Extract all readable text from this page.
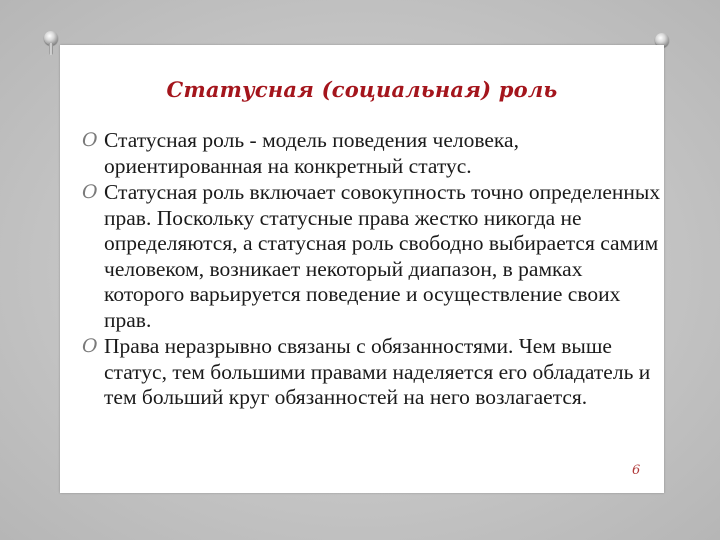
Статусная (социальная) роль
O Статусная роль - модель поведения человека, ориентированная на конкретный статус.
O Статусная роль включает совокупность точно определенных прав. Поскольку статусные права жестко никогда не определяются, а статусная роль свободно выбирается самим человеком, возникает некоторый диапазон, в рамках которого варьируется поведение и осуществление своих прав.
O Права неразрывно связаны с обязанностями. Чем выше статус, тем большими правами наделяется его обладатель и тем больший круг обязанностей на него возлагается.
6
